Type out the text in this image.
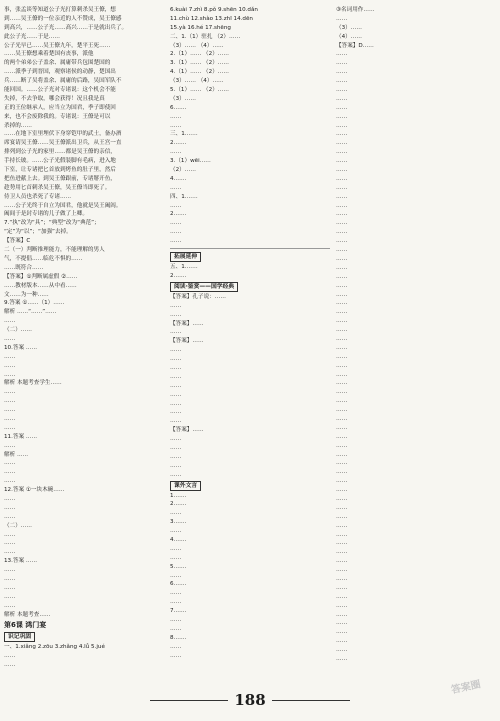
事，张孟谈等知道公子光打算刺杀吴王僚，想
到……吴王僚的一位亲近的人不赞成，吴王僚感
到高兴，……公子光……高兴……于是就出兵了。
此公子光……于是……
公子光早已……吴王僚九年，楚平王死……
……吴王僚想乘着楚国有丧事，派他
的两个弟弟公子盖余、属庸带兵包围楚国的
……派季子到晋国，观察诸侯的动静，楚国出
兵……断了吴将盖余、属庸的后路，吴国军队不
能回国。……公子光对专诸说：这个机会不能
失掉，不去争取，哪会获得！况且我是真
正的王位继承人，应当立为国君，季子即使回
来，也不会废除我的。专诸说：王僚是可以
杀掉的……
……在地下室里埋伏下身穿铠甲的武士，备办酒
席宴请吴王僚……吴王僚派出卫兵，从王宫一直
排列到公子光的家里……都是吴王僚的亲信，
手持长铍。……公子光假装脚有毛病，进入地
下室，让专诸把匕首放到烤鱼的肚子里，然后
把鱼进献上去。到吴王僚跟前，专诸掰开鱼，
趁势用匕首刺杀吴王僚，吴王僚当即死了。
侍卫人员也杀死了专诸……
……公子光终于自立为国君，他就是吴王阖闾。
阖闾于是封专诸的儿子做了上卿。
7.“执”改为“具”；“典型”改为“典范”；
“定”为“以”；“加强”去掉。
【答案】C
二（一）判断推理能力，不能理解的男人
气，不提倡……临危不惧的……
……既符合……
【答案】①判断属虚假 ②……
……教材版本……从中看……
文……为一种……
9.答案 ①……（1）……
解析 ……“……”……
……
（二）……
……
10.答案 ……
……
……
……
解析 本题考查学生……
……
……
……
……
……
11.答案 ……
……
解析 ……
……
……
……
12.答案 ①一块木碗……
……
……
……
（二）……
……
……
……
13.答案 ……
……
……
……
……
……
解析 本题考查……
第6课 鸿门宴
识记巩固
一、1.xiǎng 2.zōu 3.zhǎng 4.lǚ 5.jué
……
……
6.kuài 7.zhì 8.pǒ 9.shēn 10.dǎn
11.chù 12.shào 13.zhī 14.dēn
15.yà 16.hé 17.shēng
二、1.（1）驻扎 （2）……
（3）…… （4）……
2.（1）…… （2）……
3.（1）…… （2）……
4.（1）…… （2）……
（3）…… （4）……
5.（1）…… （2）……
（3）……
6.……
……
……
三、1.……
2.……
……
3.（1）wēi……
（2）……
4.……
……
四、1.……
……
2.……
……
……
……
拓展延伸
五、1.……
2.……
阅读·鉴赏——国学经典
【答案】孔子说：……
……
……
【答案】……
……
【答案】……
……
……
……
……
……
……
……
……
……
【答案】……
……
……
……
……
……
课外文言
1.……
2.……
……
3.……
……
4.……
……
……
5.……
……
6.……
……
……
7.……
……
……
8.……
……
……
③名词用作……
……
（3）……
（4）……
【答案】D……
……
……
……
……
……
……
……
……
……
……
……
……
……
……
……
……
……
……
……
……
……
……
……
……
……
……
……
……
……
……
……
……
……
……
……
……
……
……
……
……
……
……
……
……
……
……
……
……
……
……
……
……
……
……
……
……
……
……
……
……
……
……
……
……
……
……
……
……
……
188
答案圈
